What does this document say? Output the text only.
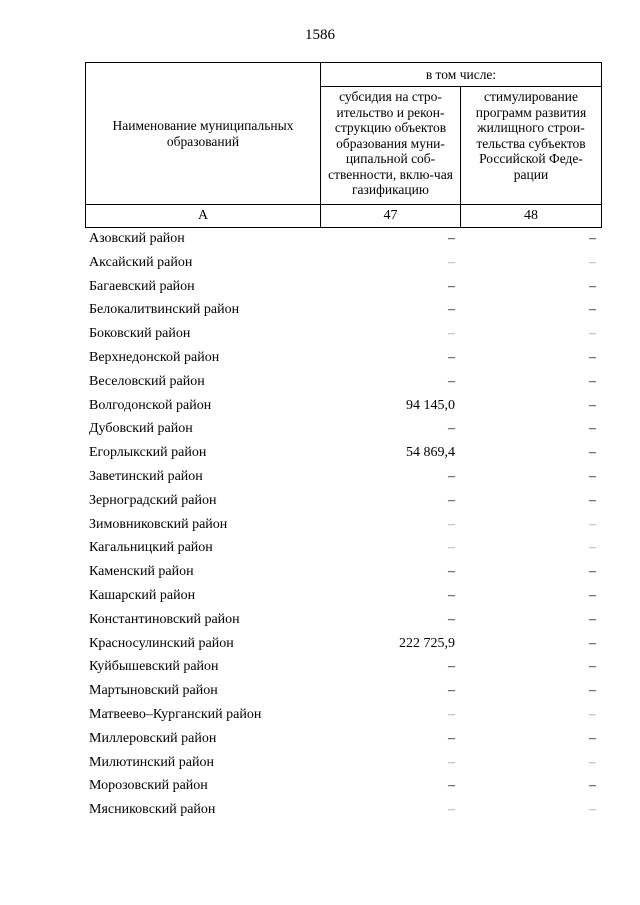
1586
Наименование муниципальных образований	в том числе:	
	субсидия на стро-ительство и рекон-струкцию объектов образования муни-ципальной соб-ственности, вклю-чая газификацию	стимулирование программ развития жилищного строи-тельства субъектов Российской Феде-рации
А	47	48
Азовский район	–	–
Аксайский район	–	–
Багаевский район	–	–
Белокалитвинский район	–	–
Боковский район	–	–
Верхнедонской район	–	–
Веселовский район	–	–
Волгодонской район	94 145,0	–
Дубовский район	–	–
Егорлыкский район	54 869,4	–
Заветинский район	–	–
Зерноградский район	–	–
Зимовниковский район	–	–
Кагальницкий район	–	–
Каменский район	–	–
Кашарский район	–	–
Константиновский район	–	–
Красносулинский район	222 725,9	–
Куйбышевский район	–	–
Мартыновский район	–	–
Матвеево–Курганский район	–	–
Миллеровский район	–	–
Милютинский район	–	–
Морозовский район	–	–
Мясниковский район	–	–
